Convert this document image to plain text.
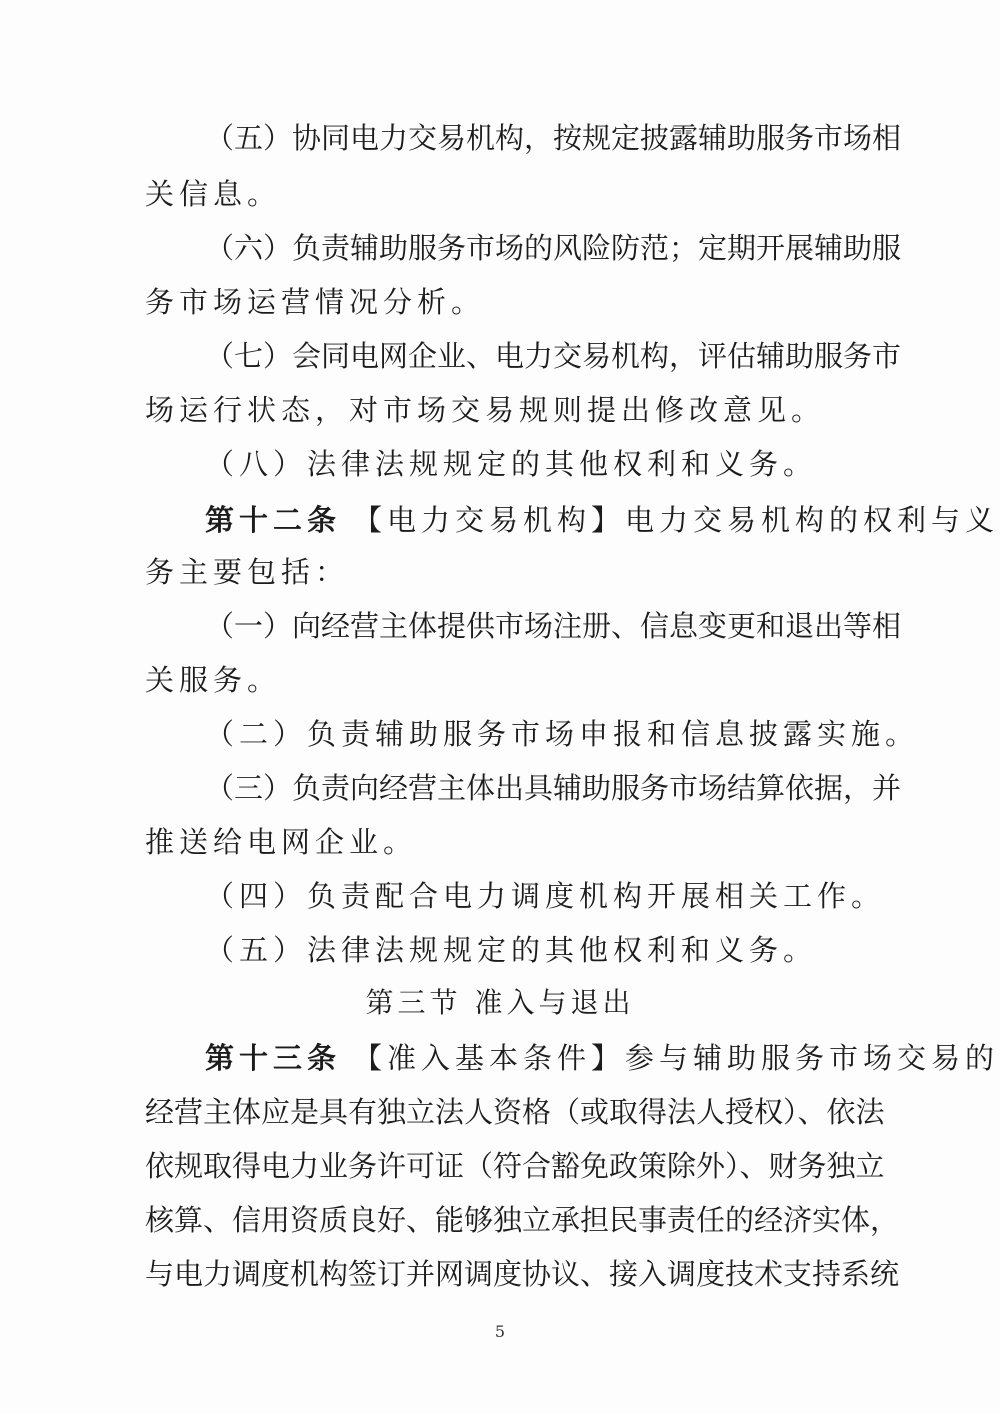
（五）协同电力交易机构，按规定披露辅助服务市场相
关信息。
（六）负责辅助服务市场的风险防范；定期开展辅助服
务市场运营情况分析。
（七）会同电网企业、电力交易机构，评估辅助服务市
场运行状态，对市场交易规则提出修改意见。
（八）法律法规规定的其他权利和义务。
第十二条 【电力交易机构】电力交易机构的权利与义
务主要包括：
（一）向经营主体提供市场注册、信息变更和退出等相
关服务。
（二）负责辅助服务市场申报和信息披露实施。
（三）负责向经营主体出具辅助服务市场结算依据，并
推送给电网企业。
（四）负责配合电力调度机构开展相关工作。
（五）法律法规规定的其他权利和义务。
第三节 准入与退出
第十三条 【准入基本条件】参与辅助服务市场交易的
经营主体应是具有独立法人资格（或取得法人授权）、依法
依规取得电力业务许可证（符合豁免政策除外）、财务独立
核算、信用资质良好、能够独立承担民事责任的经济实体，
与电力调度机构签订并网调度协议、接入调度技术支持系统
5
